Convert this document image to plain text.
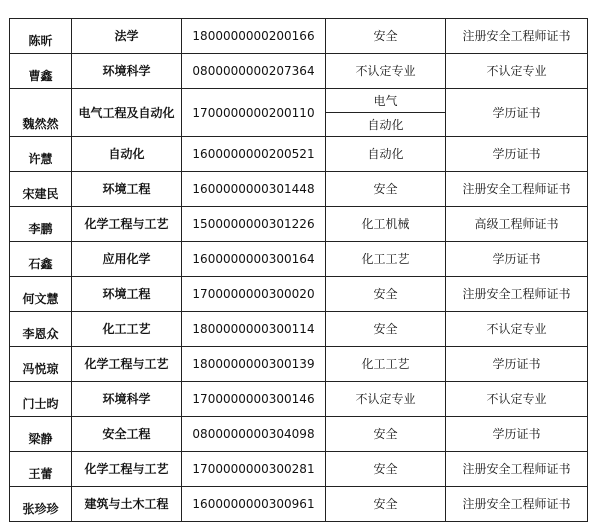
陈昕	法学	1800000000200166	安全	注册安全工程师证书
曹鑫	环境科学	0800000000207364	不认定专业	不认定专业
魏然然	电气工程及自动化	1700000000200110	电气	学历证书
			自动化	
许慧	自动化	1600000000200521	自动化	学历证书
宋建民	环境工程	1600000000301448	安全	注册安全工程师证书
李鹏	化学工程与工艺	1500000000301226	化工机械	高级工程师证书
石鑫	应用化学	1600000000300164	化工工艺	学历证书
何文慧	环境工程	1700000000300020	安全	注册安全工程师证书
李恩众	化工工艺	1800000000300114	安全	不认定专业
冯悦琼	化学工程与工艺	1800000000300139	化工工艺	学历证书
门士昀	环境科学	1700000000300146	不认定专业	不认定专业
梁静	安全工程	0800000000304098	安全	学历证书
王蕾	化学工程与工艺	1700000000300281	安全	注册安全工程师证书
张珍珍	建筑与土木工程	1600000000300961	安全	注册安全工程师证书
